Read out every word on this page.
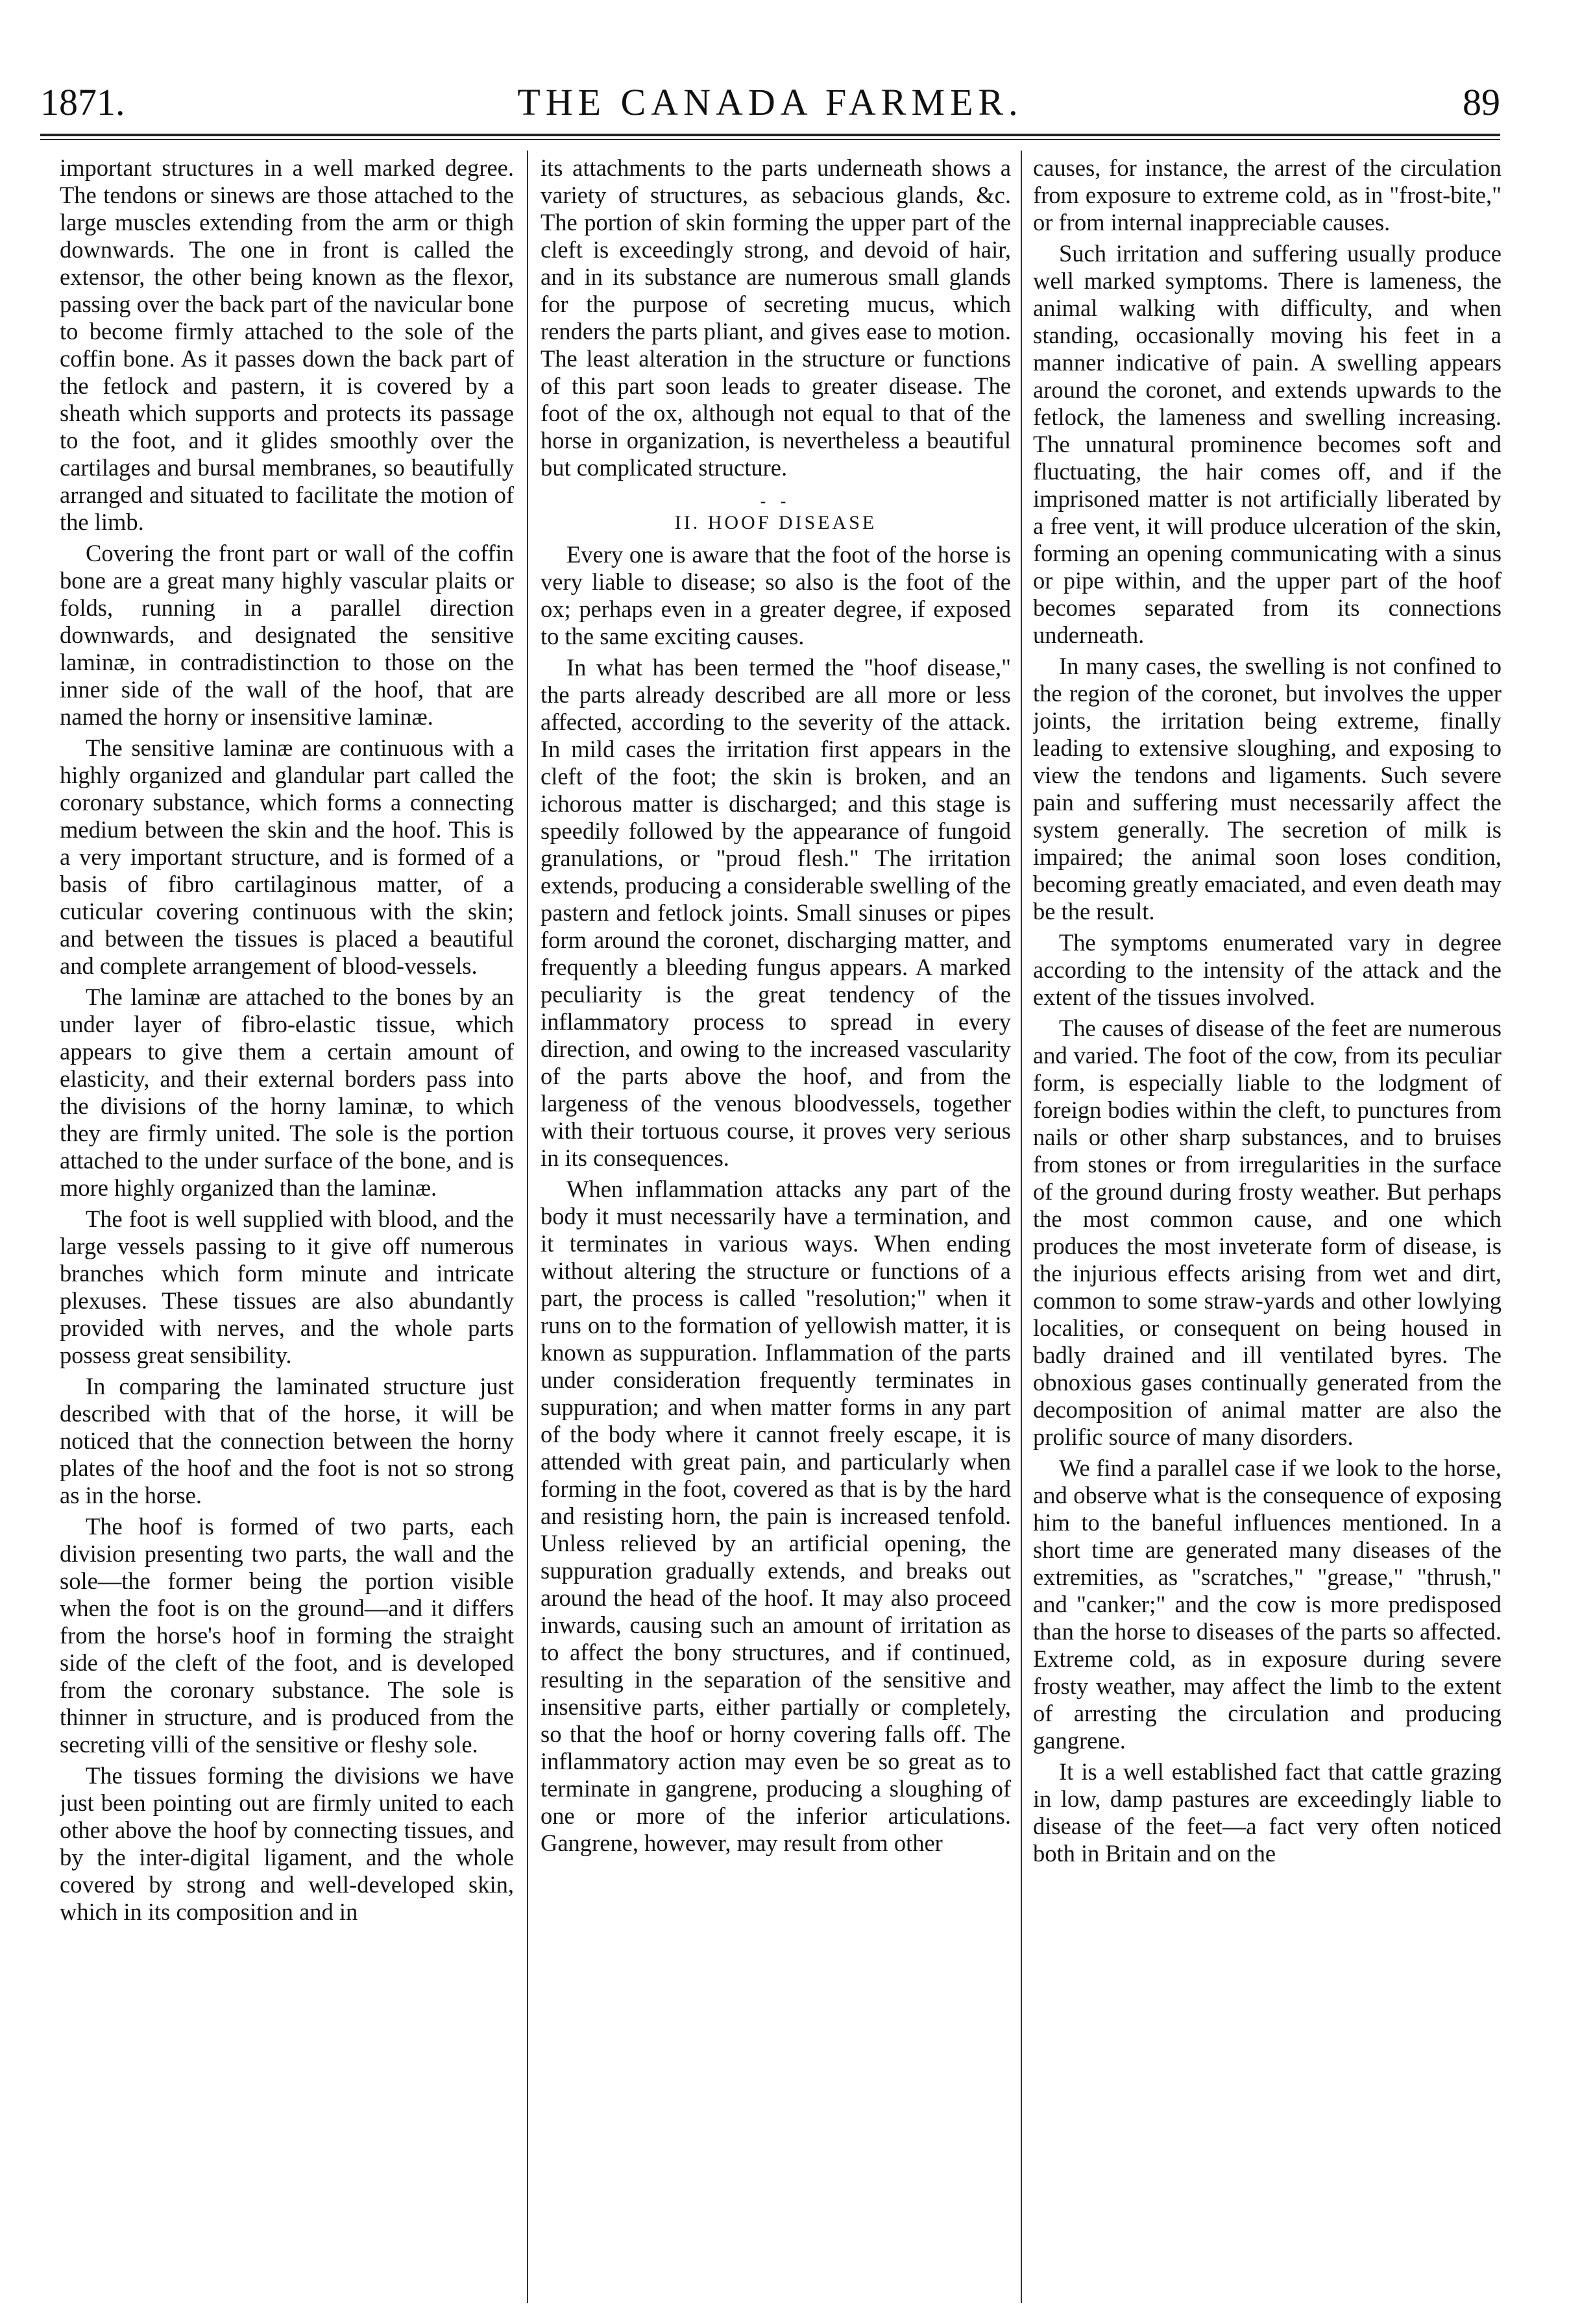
1871.	THE CANADA FARMER.	89

important structures in a well marked degree. The tendons or sinews are those attached to the large muscles extending from the arm or thigh downwards. The one in front is called the extensor, the other being known as the flexor, passing over the back part of the navicular bone to become firmly attached to the sole of the coffin bone. As it passes down the back part of the fetlock and pastern, it is covered by a sheath which supports and protects its passage to the foot, and it glides smoothly over the cartilages and bursal membranes, so beautifully arranged and situated to facilitate the motion of the limb.

Covering the front part or wall of the coffin bone are a great many highly vascular plaits or folds, running in a parallel direction downwards, and designated the sensitive laminæ, in contradistinction to those on the inner side of the wall of the hoof, that are named the horny or insensitive laminæ.

The sensitive laminæ are continuous with a highly organized and glandular part called the coronary substance, which forms a connecting medium between the skin and the hoof. This is a very important structure, and is formed of a basis of fibro cartilaginous matter, of a cuticular covering continuous with the skin; and between the tissues is placed a beautiful and complete arrangement of blood-vessels.

The laminæ are attached to the bones by an under layer of fibro-elastic tissue, which appears to give them a certain amount of elasticity, and their external borders pass into the divisions of the horny laminæ, to which they are firmly united. The sole is the portion attached to the under surface of the bone, and is more highly organized than the laminæ.

The foot is well supplied with blood, and the large vessels passing to it give off numerous branches which form minute and intricate plexuses. These tissues are also abundantly provided with nerves, and the whole parts possess great sensibility.

In comparing the laminated structure just described with that of the horse, it will be noticed that the connection between the horny plates of the hoof and the foot is not so strong as in the horse.

The hoof is formed of two parts, each division presenting two parts, the wall and the sole—the former being the portion visible when the foot is on the ground—and it differs from the horse's hoof in forming the straight side of the cleft of the foot, and is developed from the coronary substance. The sole is thinner in structure, and is produced from the secreting villi of the sensitive or fleshy sole.

The tissues forming the divisions we have just been pointing out are firmly united to each other above the hoof by connecting tissues, and by the inter-digital ligament, and the whole covered by strong and well-developed skin, which in its composition and in

its attachments to the parts underneath shows a variety of structures, as sebacious glands, &c. The portion of skin forming the upper part of the cleft is exceedingly strong, and devoid of hair, and in its substance are numerous small glands for the purpose of secreting mucus, which renders the parts pliant, and gives ease to motion. The least alteration in the structure or functions of this part soon leads to greater disease. The foot of the ox, although not equal to that of the horse in organization, is nevertheless a beautiful but complicated structure.

- -
II. HOOF DISEASE

Every one is aware that the foot of the horse is very liable to disease; so also is the foot of the ox; perhaps even in a greater degree, if exposed to the same exciting causes.

In what has been termed the "hoof disease," the parts already described are all more or less affected, according to the severity of the attack. In mild cases the irritation first appears in the cleft of the foot; the skin is broken, and an ichorous matter is discharged; and this stage is speedily followed by the appearance of fungoid granulations, or "proud flesh." The irritation extends, producing a considerable swelling of the pastern and fetlock joints. Small sinuses or pipes form around the coronet, discharging matter, and frequently a bleeding fungus appears. A marked peculiarity is the great tendency of the inflammatory process to spread in every direction, and owing to the increased vascularity of the parts above the hoof, and from the largeness of the venous bloodvessels, together with their tortuous course, it proves very serious in its consequences.

When inflammation attacks any part of the body it must necessarily have a termination, and it terminates in various ways. When ending without altering the structure or functions of a part, the process is called "resolution;" when it runs on to the formation of yellowish matter, it is known as suppuration. Inflammation of the parts under consideration frequently terminates in suppuration; and when matter forms in any part of the body where it cannot freely escape, it is attended with great pain, and particularly when forming in the foot, covered as that is by the hard and resisting horn, the pain is increased tenfold. Unless relieved by an artificial opening, the suppuration gradually extends, and breaks out around the head of the hoof. It may also proceed inwards, causing such an amount of irritation as to affect the bony structures, and if continued, resulting in the separation of the sensitive and insensitive parts, either partially or completely, so that the hoof or horny covering falls off. The inflammatory action may even be so great as to terminate in gangrene, producing a sloughing of one or more of the inferior articulations. Gangrene, however, may result from other

causes, for instance, the arrest of the circulation from exposure to extreme cold, as in "frost-bite," or from internal inappreciable causes.

Such irritation and suffering usually produce well marked symptoms. There is lameness, the animal walking with difficulty, and when standing, occasionally moving his feet in a manner indicative of pain. A swelling appears around the coronet, and extends upwards to the fetlock, the lameness and swelling increasing. The unnatural prominence becomes soft and fluctuating, the hair comes off, and if the imprisoned matter is not artificially liberated by a free vent, it will produce ulceration of the skin, forming an opening communicating with a sinus or pipe within, and the upper part of the hoof becomes separated from its connections underneath.

In many cases, the swelling is not confined to the region of the coronet, but involves the upper joints, the irritation being extreme, finally leading to extensive sloughing, and exposing to view the tendons and ligaments. Such severe pain and suffering must necessarily affect the system generally. The secretion of milk is impaired; the animal soon loses condition, becoming greatly emaciated, and even death may be the result.

The symptoms enumerated vary in degree according to the intensity of the attack and the extent of the tissues involved.

The causes of disease of the feet are numerous and varied. The foot of the cow, from its peculiar form, is especially liable to the lodgment of foreign bodies within the cleft, to punctures from nails or other sharp substances, and to bruises from stones or from irregularities in the surface of the ground during frosty weather. But perhaps the most common cause, and one which produces the most inveterate form of disease, is the injurious effects arising from wet and dirt, common to some straw-yards and other lowlying localities, or consequent on being housed in badly drained and ill ventilated byres. The obnoxious gases continually generated from the decomposition of animal matter are also the prolific source of many disorders.

We find a parallel case if we look to the horse, and observe what is the consequence of exposing him to the baneful influences mentioned. In a short time are generated many diseases of the extremities, as "scratches," "grease," "thrush," and "canker;" and the cow is more predisposed than the horse to diseases of the parts so affected. Extreme cold, as in exposure during severe frosty weather, may affect the limb to the extent of arresting the circulation and producing gangrene.

It is a well established fact that cattle grazing in low, damp pastures are exceedingly liable to disease of the feet—a fact very often noticed both in Britain and on the
